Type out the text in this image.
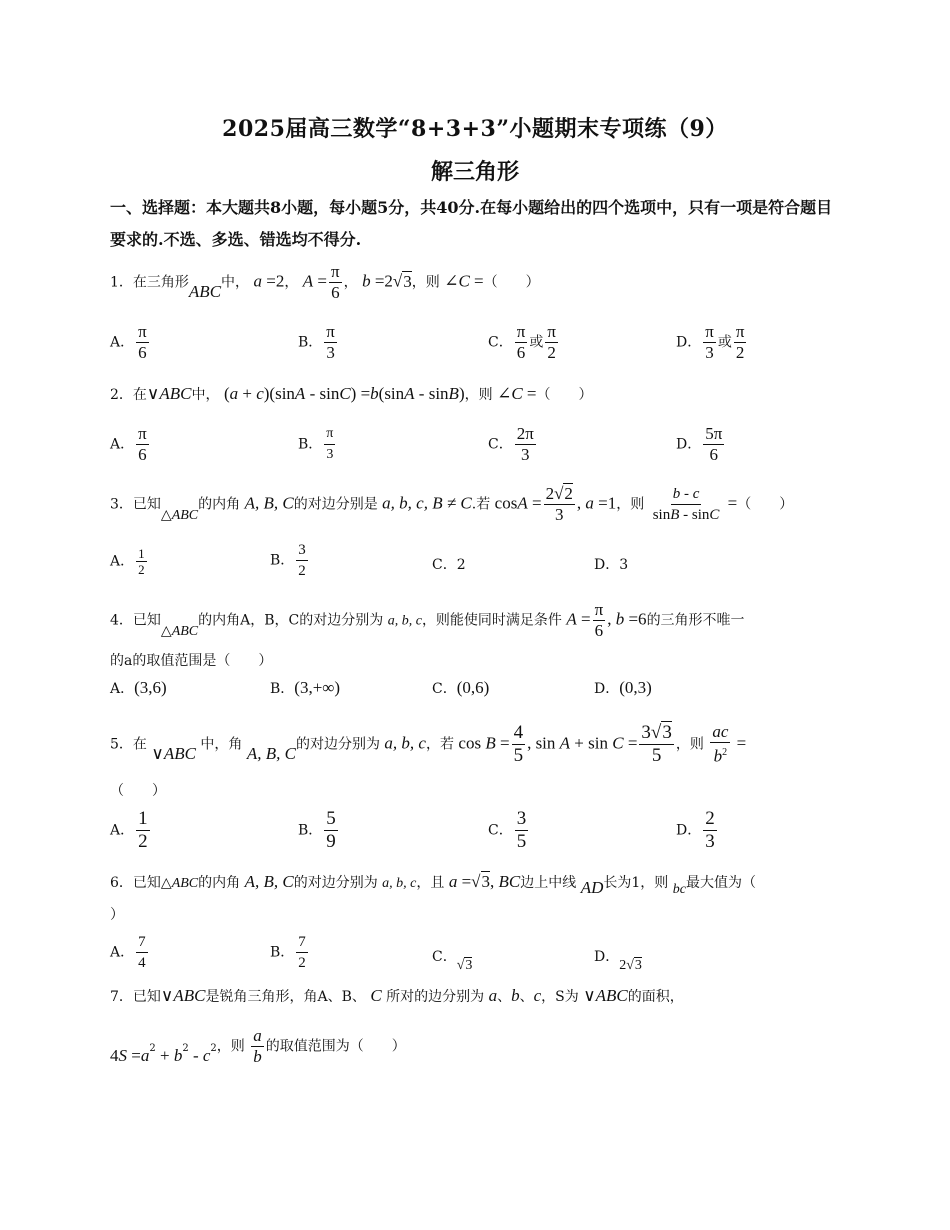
2025届高三数学“8+3+3”小题期末专项练（9）
解三角形
一、选择题：本大题共8小题，每小题5分，共40分.在每小题给出的四个选项中，只有一项是符合题目要求的.不选、多选、错选均不得分.
1．在三角形ABC中， a =2， $A = \frac{\pi}{6}$ ， b =2√3，则 ∠C =（　　）
A． $\frac{\pi}{6}$	B． $\frac{\pi}{3}$	C． $\frac{\pi}{6}$ 或 $\frac{\pi}{2}$	D． $\frac{\pi}{3}$ 或 $\frac{\pi}{2}$
2．在∨ABC中， (a + c)(sinA - sinC) =b(sinA - sinB)，则 ∠C =（　　）
A． $\frac{\pi}{6}$	B． $\frac{\pi}{3}$	C． $\frac{2\pi}{3}$	D． $\frac{5\pi}{6}$
3．已知△ABC的内角 A, B, C的对边分别是 a, b, c, B ≠ C.若 $\cos A = \frac{2√2}{3}$ , a =1，则 $\frac{b - c}{\sin B - \sin C}$ =（　　）
A． $\frac{1}{2}$	B． $\frac{3}{2}$	C．2	D．3
4．已知△ABC的内角A，B，C的对边分别为 a, b, c，则能使同时满足条件 $A = \frac{\pi}{6}$ , b =6的三角形不唯一
的a的取值范围是（　　）
A．(3,6)	B．(3,+∞)	C．(0,6)	D．(0,3)
5．在 ∨ABC 中，角 A, B, C的对边分别为 a, b, c，若 $\cos B = \frac{4}{5}$ , $\sin A + \sin C = \frac{3√3}{5}$ ，则 $\frac{ac}{b^2}$ =
（　　）
A． $\frac{1}{2}$	B． $\frac{5}{9}$	C． $\frac{3}{5}$	D． $\frac{2}{3}$
6．已知△ABC的内角 A, B, C的对边分别为 a, b, c，且 a =√3, BC边上中线 AD长为1，则 bc最大值为（
）
A． $\frac{7}{4}$	B． $\frac{7}{2}$	C．√3
D．2√3
7．已知∨ABC是锐角三角形，角A、B、 C 所对的边分别为 a、b、c，S为 ∨ABC的面积，
$4S =a^2 + b^2 - c^2$，则 $\frac{a}{b}$ 的取值范围为（　　）
